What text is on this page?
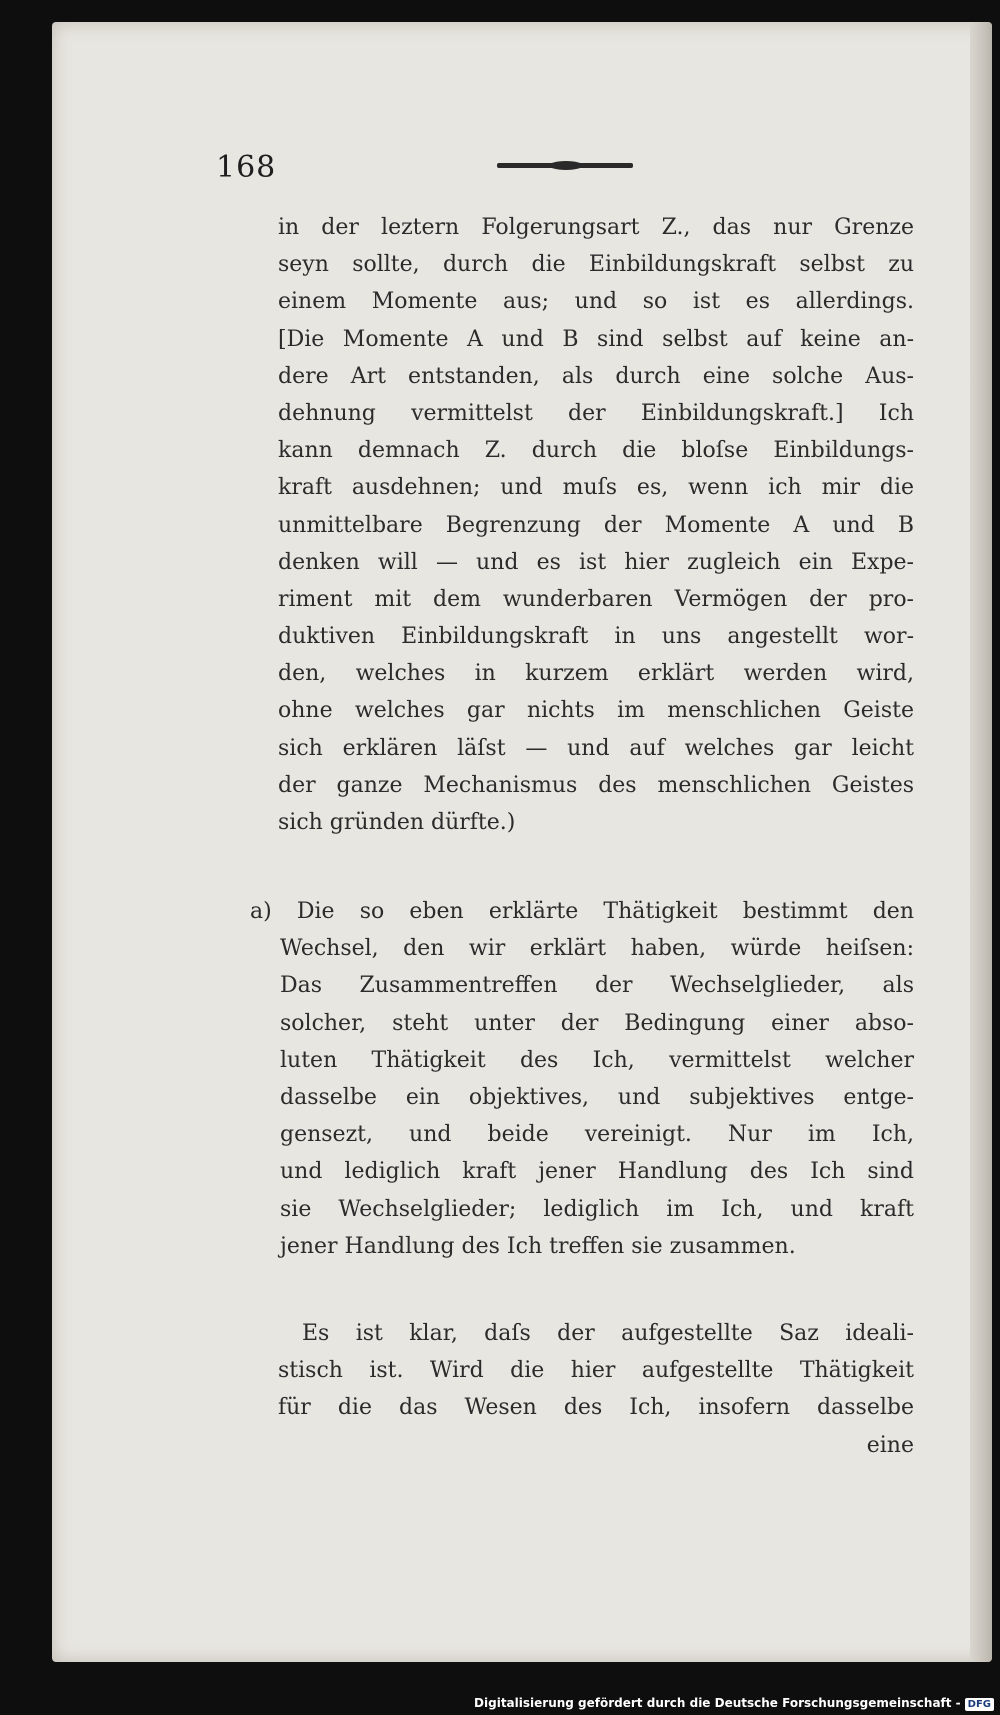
168
in der leztern Folgerungsart Z., das nur Grenze
seyn sollte, durch die Einbildungskraft selbst zu
einem Momente aus; und so ist es allerdings.
[Die Momente A und B sind selbst auf keine an-
dere Art entstanden, als durch eine solche Aus-
dehnung vermittelst der Einbildungskraft.] Ich
kann demnach Z. durch die bloſse Einbildungs-
kraft ausdehnen; und muſs es, wenn ich mir die
unmittelbare Begrenzung der Momente A und B
denken will — und es ist hier zugleich ein Expe-
riment mit dem wunderbaren Vermögen der pro-
duktiven Einbildungskraft in uns angestellt wor-
den, welches in kurzem erklärt werden wird,
ohne welches gar nichts im menschlichen Geiste
sich erklären läſst — und auf welches gar leicht
der ganze Mechanismus des menschlichen Geistes
sich gründen dürfte.)
a) Die so eben erklärte Thätigkeit bestimmt den
Wechsel, den wir erklärt haben, würde heiſsen:
Das Zusammentreffen der Wechselglieder, als
solcher, steht unter der Bedingung einer abso-
luten Thätigkeit des Ich, vermittelst welcher
dasselbe ein objektives, und subjektives entge-
gensezt, und beide vereinigt. Nur im Ich,
und lediglich kraft jener Handlung des Ich sind
sie Wechselglieder; lediglich im Ich, und kraft
jener Handlung des Ich treffen sie zusammen.
Es ist klar, daſs der aufgestellte Saz ideali-
stisch ist. Wird die hier aufgestellte Thätigkeit
für die das Wesen des Ich, insofern dasselbe
eine
Digitalisierung gefördert durch die Deutsche Forschungsgemeinschaft - DFG
